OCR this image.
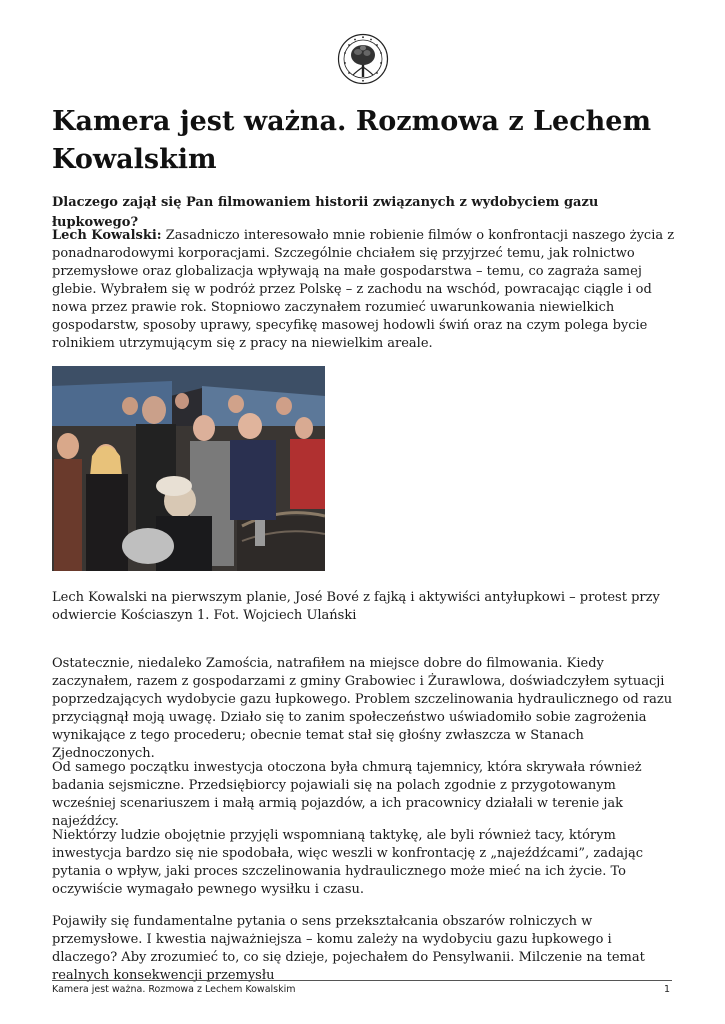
Kamera jest ważna. Rozmowa z Lechem Kowalskim

Dlaczego zajął się Pan filmowaniem historii związanych z wydobyciem gazu łupkowego?

Lech Kowalski: Zasadniczo interesowało mnie robienie filmów o konfrontacji naszego życia z ponadnarodowymi korporacjami. Szczególnie chciałem się przyjrzeć temu, jak rolnictwo przemysłowe oraz globalizacja wpływają na małe gospodarstwa – temu, co zagraża samej glebie. Wybrałem się w podróż przez Polskę – z zachodu na wschód, powracając ciągle i od nowa przez prawie rok. Stopniowo zaczynałem rozumieć uwarunkowania niewielkich gospodarstw, sposoby uprawy, specyfikę masowej hodowli świń oraz na czym polega bycie rolnikiem utrzymującym się z pracy na niewielkim areale.

Lech Kowalski na pierwszym planie, José Bové z fajką i aktywiści antyłupkowi – protest przy odwiercie Kościaszyn 1. Fot. Wojciech Ulański

Ostatecznie, niedaleko Zamościa, natrafiłem na miejsce dobre do filmowania. Kiedy zaczynałem, razem z gospodarzami z gminy Grabowiec i Żurawlowa, doświadczyłem sytuacji poprzedzających wydobycie gazu łupkowego. Problem szczelinowania hydraulicznego od razu przyciągnął moją uwagę. Działo się to zanim społeczeństwo uświadomiło sobie zagrożenia wynikające z tego procederu; obecnie temat stał się głośny zwłaszcza w Stanach Zjednoczonych.

Od samego początku inwestycja otoczona była chmurą tajemnicy, która skrywała również badania sejsmiczne. Przedsiębiorcy pojawiali się na polach zgodnie z przygotowanym wcześniej scenariuszem i małą armią pojazdów, a ich pracownicy działali w terenie jak najeźdźcy.

Niektórzy ludzie obojętnie przyjęli wspomnianą taktykę, ale byli również tacy, którym inwestycja bardzo się nie spodobała, więc weszli w konfrontację z „najeźdźcami”, zadając pytania o wpływ, jaki proces szczelinowania hydraulicznego może mieć na ich życie. To oczywiście wymagało pewnego wysiłku i czasu.

Pojawiły się fundamentalne pytania o sens przekształcania obszarów rolniczych w przemysłowe. I kwestia najważniejsza – komu zależy na wydobyciu gazu łupkowego i dlaczego? Aby zrozumieć to, co się dzieje, pojechałem do Pensylwanii. Milczenie na temat realnych konsekwencji przemysłu

Kamera jest ważna. Rozmowa z Lechem Kowalskim	1
